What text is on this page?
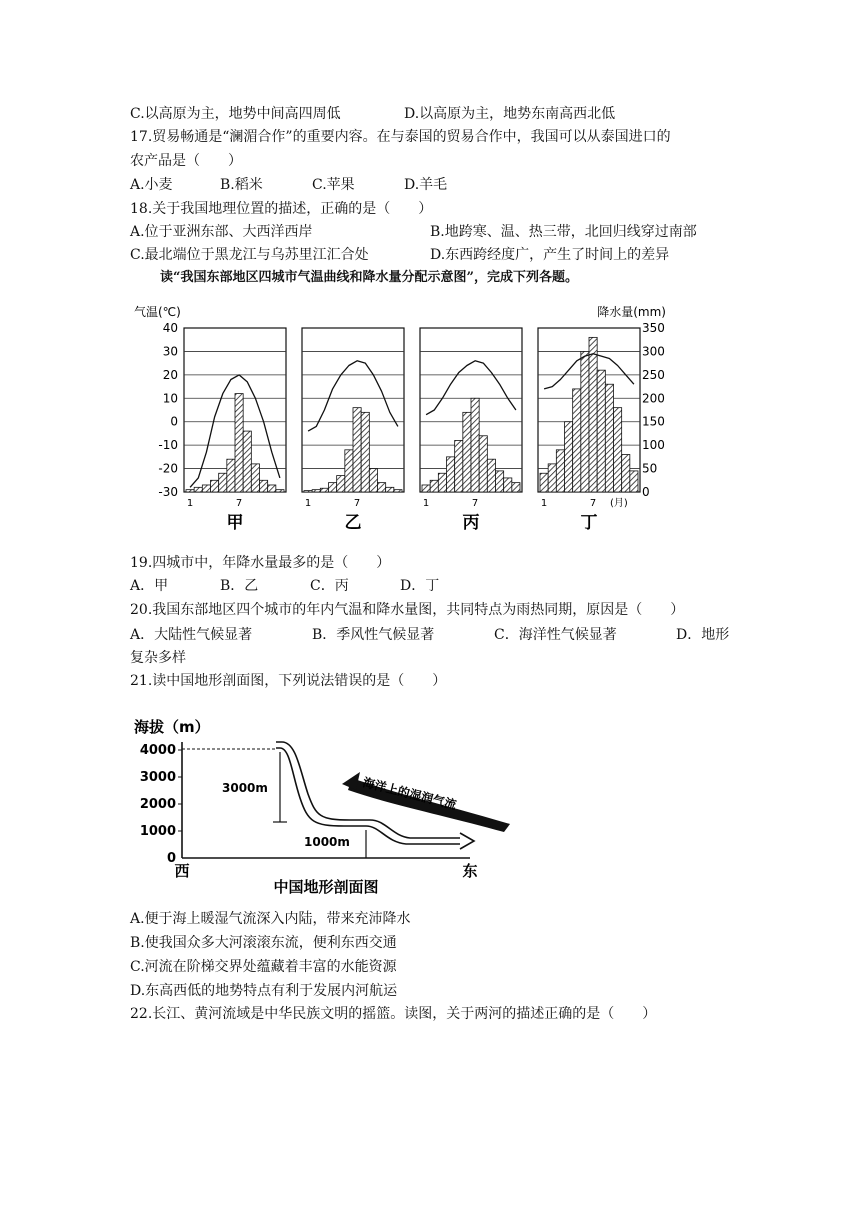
C.以高原为主，地势中间高四周低	D.以高原为主，地势东南高西北低
17.贸易畅通是“澜湄合作”的重要内容。在与泰国的贸易合作中，我国可以从泰国进口的
农产品是（　　）
A.小麦	B.稻米	C.苹果	D.羊毛
18.关于我国地理位置的描述，正确的是（　　）
A.位于亚洲东部、大西洋西岸	B.地跨寒、温、热三带，北回归线穿过南部
C.最北端位于黑龙江与乌苏里江汇合处	D.东西跨经度广，产生了时间上的差异
读“我国东部地区四城市气温曲线和降水量分配示意图”，完成下列各题。
气温(℃)	降水量(mm)
40
30
20
10
0
-10
-20
-30
350
300
250
200
150
100
50
0
(月)
1	7
甲
1	7
乙
1	7
丙
1	7
丁
19.四城市中，年降水量最多的是（　　）
A．甲	B．乙	C．丙	D．丁
20.我国东部地区四个城市的年内气温和降水量图，共同特点为雨热同期，原因是（　　）
A．大陆性气候显著	B．季风性气候显著	C．海洋性气候显著	D．地形
复杂多样
21.读中国地形剖面图，下列说法错误的是（　　）
海拔（m）
4000
3000
2000
1000
0
3000m
1000m
海洋上的湿润气流
西	东
中国地形剖面图
A.便于海上暖湿气流深入内陆，带来充沛降水
B.使我国众多大河滚滚东流，便利东西交通
C.河流在阶梯交界处蕴藏着丰富的水能资源
D.东高西低的地势特点有利于发展内河航运
22.长江、黄河流域是中华民族文明的摇篮。读图，关于两河的描述正确的是（　　）
